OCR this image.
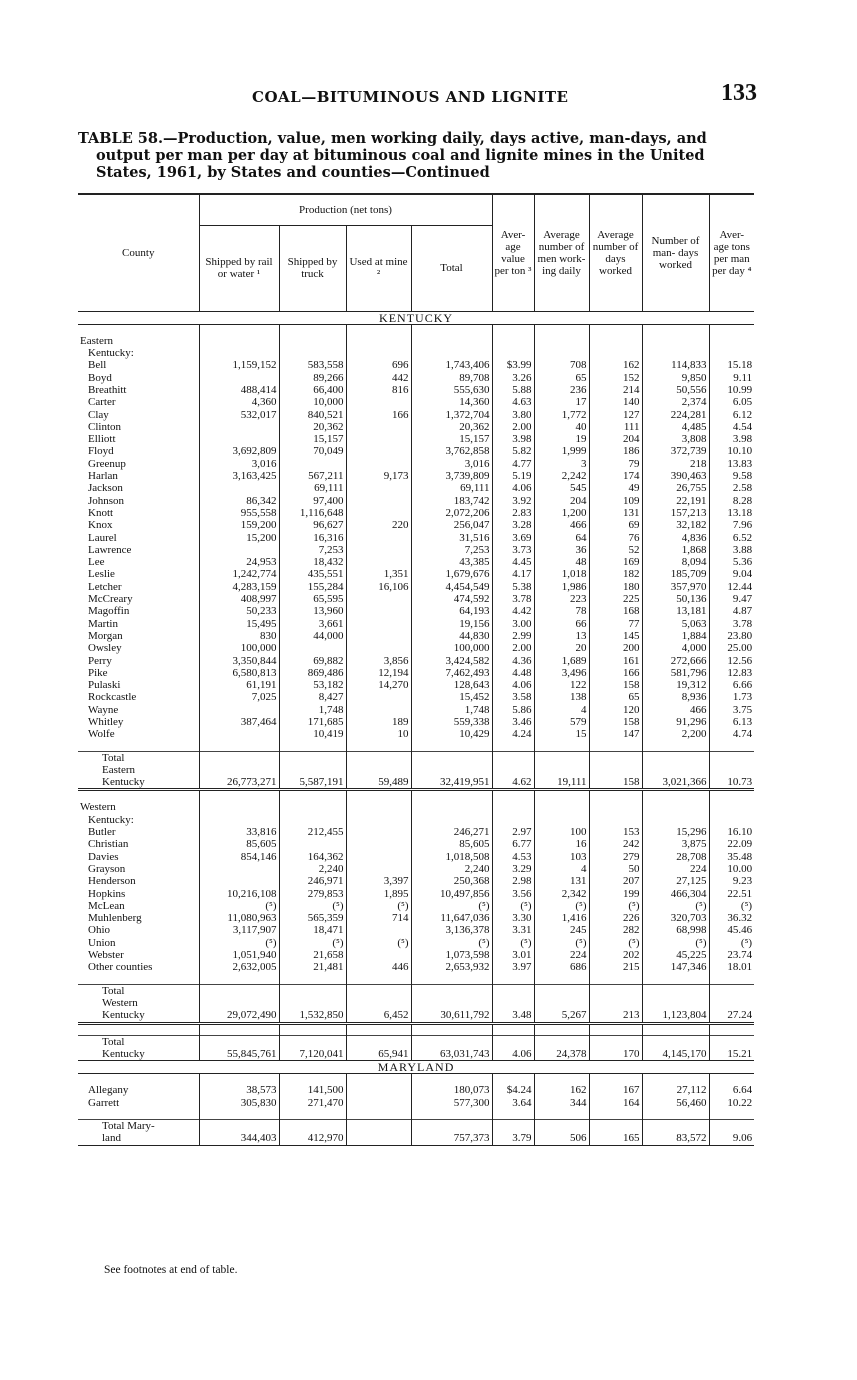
COAL—BITUMINOUS AND LIGNITE	133
TABLE 58.—Production, value, men working daily, days active, man-days, and
output per man per day at bituminous coal and lignite mines in the United
States, 1961, by States and counties—Continued

County	Production (net tons)				Aver- age value per ton ³	Average number of men work- ing daily	Average number of days worked	Number of man- days worked	Aver- age tons per man per day ⁴
	Shipped by rail or water ¹	Shipped by truck	Used at mine ²	Total					
KENTUCKY									

Eastern									
Kentucky:									
Bell	1,159,152	583,558	696	1,743,406	$3.99	708	162	114,833	15.18
Boyd		89,266	442	89,708	3.26	65	152	9,850	9.11
Breathitt	488,414	66,400	816	555,630	5.88	236	214	50,556	10.99
Carter	4,360	10,000		14,360	4.63	17	140	2,374	6.05
Clay	532,017	840,521	166	1,372,704	3.80	1,772	127	224,281	6.12
Clinton		20,362		20,362	2.00	40	111	4,485	4.54
Elliott		15,157		15,157	3.98	19	204	3,808	3.98
Floyd	3,692,809	70,049		3,762,858	5.82	1,999	186	372,739	10.10
Greenup	3,016			3,016	4.77	3	79	218	13.83
Harlan	3,163,425	567,211	9,173	3,739,809	5.19	2,242	174	390,463	9.58
Jackson		69,111		69,111	4.06	545	49	26,755	2.58
Johnson	86,342	97,400		183,742	3.92	204	109	22,191	8.28
Knott	955,558	1,116,648		2,072,206	2.83	1,200	131	157,213	13.18
Knox	159,200	96,627	220	256,047	3.28	466	69	32,182	7.96
Laurel	15,200	16,316		31,516	3.69	64	76	4,836	6.52
Lawrence		7,253		7,253	3.73	36	52	1,868	3.88
Lee	24,953	18,432		43,385	4.45	48	169	8,094	5.36
Leslie	1,242,774	435,551	1,351	1,679,676	4.17	1,018	182	185,709	9.04
Letcher	4,283,159	155,284	16,106	4,454,549	5.38	1,986	180	357,970	12.44
McCreary	408,997	65,595		474,592	3.78	223	225	50,136	9.47
Magoffin	50,233	13,960		64,193	4.42	78	168	13,181	4.87
Martin	15,495	3,661		19,156	3.00	66	77	5,063	3.78
Morgan	830	44,000		44,830	2.99	13	145	1,884	23.80
Owsley	100,000			100,000	2.00	20	200	4,000	25.00
Perry	3,350,844	69,882	3,856	3,424,582	4.36	1,689	161	272,666	12.56
Pike	6,580,813	869,486	12,194	7,462,493	4.48	3,496	166	581,796	12.83
Pulaski	61,191	53,182	14,270	128,643	4.06	122	158	19,312	6.66
Rockcastle	7,025	8,427		15,452	3.58	138	65	8,936	1.73
Wayne		1,748		1,748	5.86	4	120	466	3.75
Whitley	387,464	171,685	189	559,338	3.46	579	158	91,296	6.13
Wolfe		10,419	10	10,429	4.24	15	147	2,200	4.74

Total									
Eastern									
Kentucky	26,773,271	5,587,191	59,489	32,419,951	4.62	19,111	158	3,021,366	10.73

Western									
Kentucky:									
Butler	33,816	212,455		246,271	2.97	100	153	15,296	16.10
Christian	85,605			85,605	6.77	16	242	3,875	22.09
Davies	854,146	164,362		1,018,508	4.53	103	279	28,708	35.48
Grayson		2,240		2,240	3.29	4	50	224	10.00
Henderson		246,971	3,397	250,368	2.98	131	207	27,125	9.23
Hopkins	10,216,108	279,853	1,895	10,497,856	3.56	2,342	199	466,304	22.51
McLean	(⁵)	(⁵)	(⁵)	(⁵)	(⁵)	(⁵)	(⁵)	(⁵)	(⁵)
Muhlenberg	11,080,963	565,359	714	11,647,036	3.30	1,416	226	320,703	36.32
Ohio	3,117,907	18,471		3,136,378	3.31	245	282	68,998	45.46
Union	(⁵)	(⁵)	(⁵)	(⁵)	(⁵)	(⁵)	(⁵)	(⁵)	(⁵)
Webster	1,051,940	21,658		1,073,598	3.01	224	202	45,225	23.74
Other counties	2,632,005	21,481	446	2,653,932	3.97	686	215	147,346	18.01

Total									
Western									
Kentucky	29,072,490	1,532,850	6,452	30,611,792	3.48	5,267	213	1,123,804	27.24

Total									
Kentucky	55,845,761	7,120,041	65,941	63,031,743	4.06	24,378	170	4,145,170	15.21
MARYLAND									

Allegany	38,573	141,500		180,073	$4.24	162	167	27,112	6.64
Garrett	305,830	271,470		577,300	3.64	344	164	56,460	10.22

Total Mary-									
land	344,403	412,970		757,373	3.79	506	165	83,572	9.06
See footnotes at end of table.
